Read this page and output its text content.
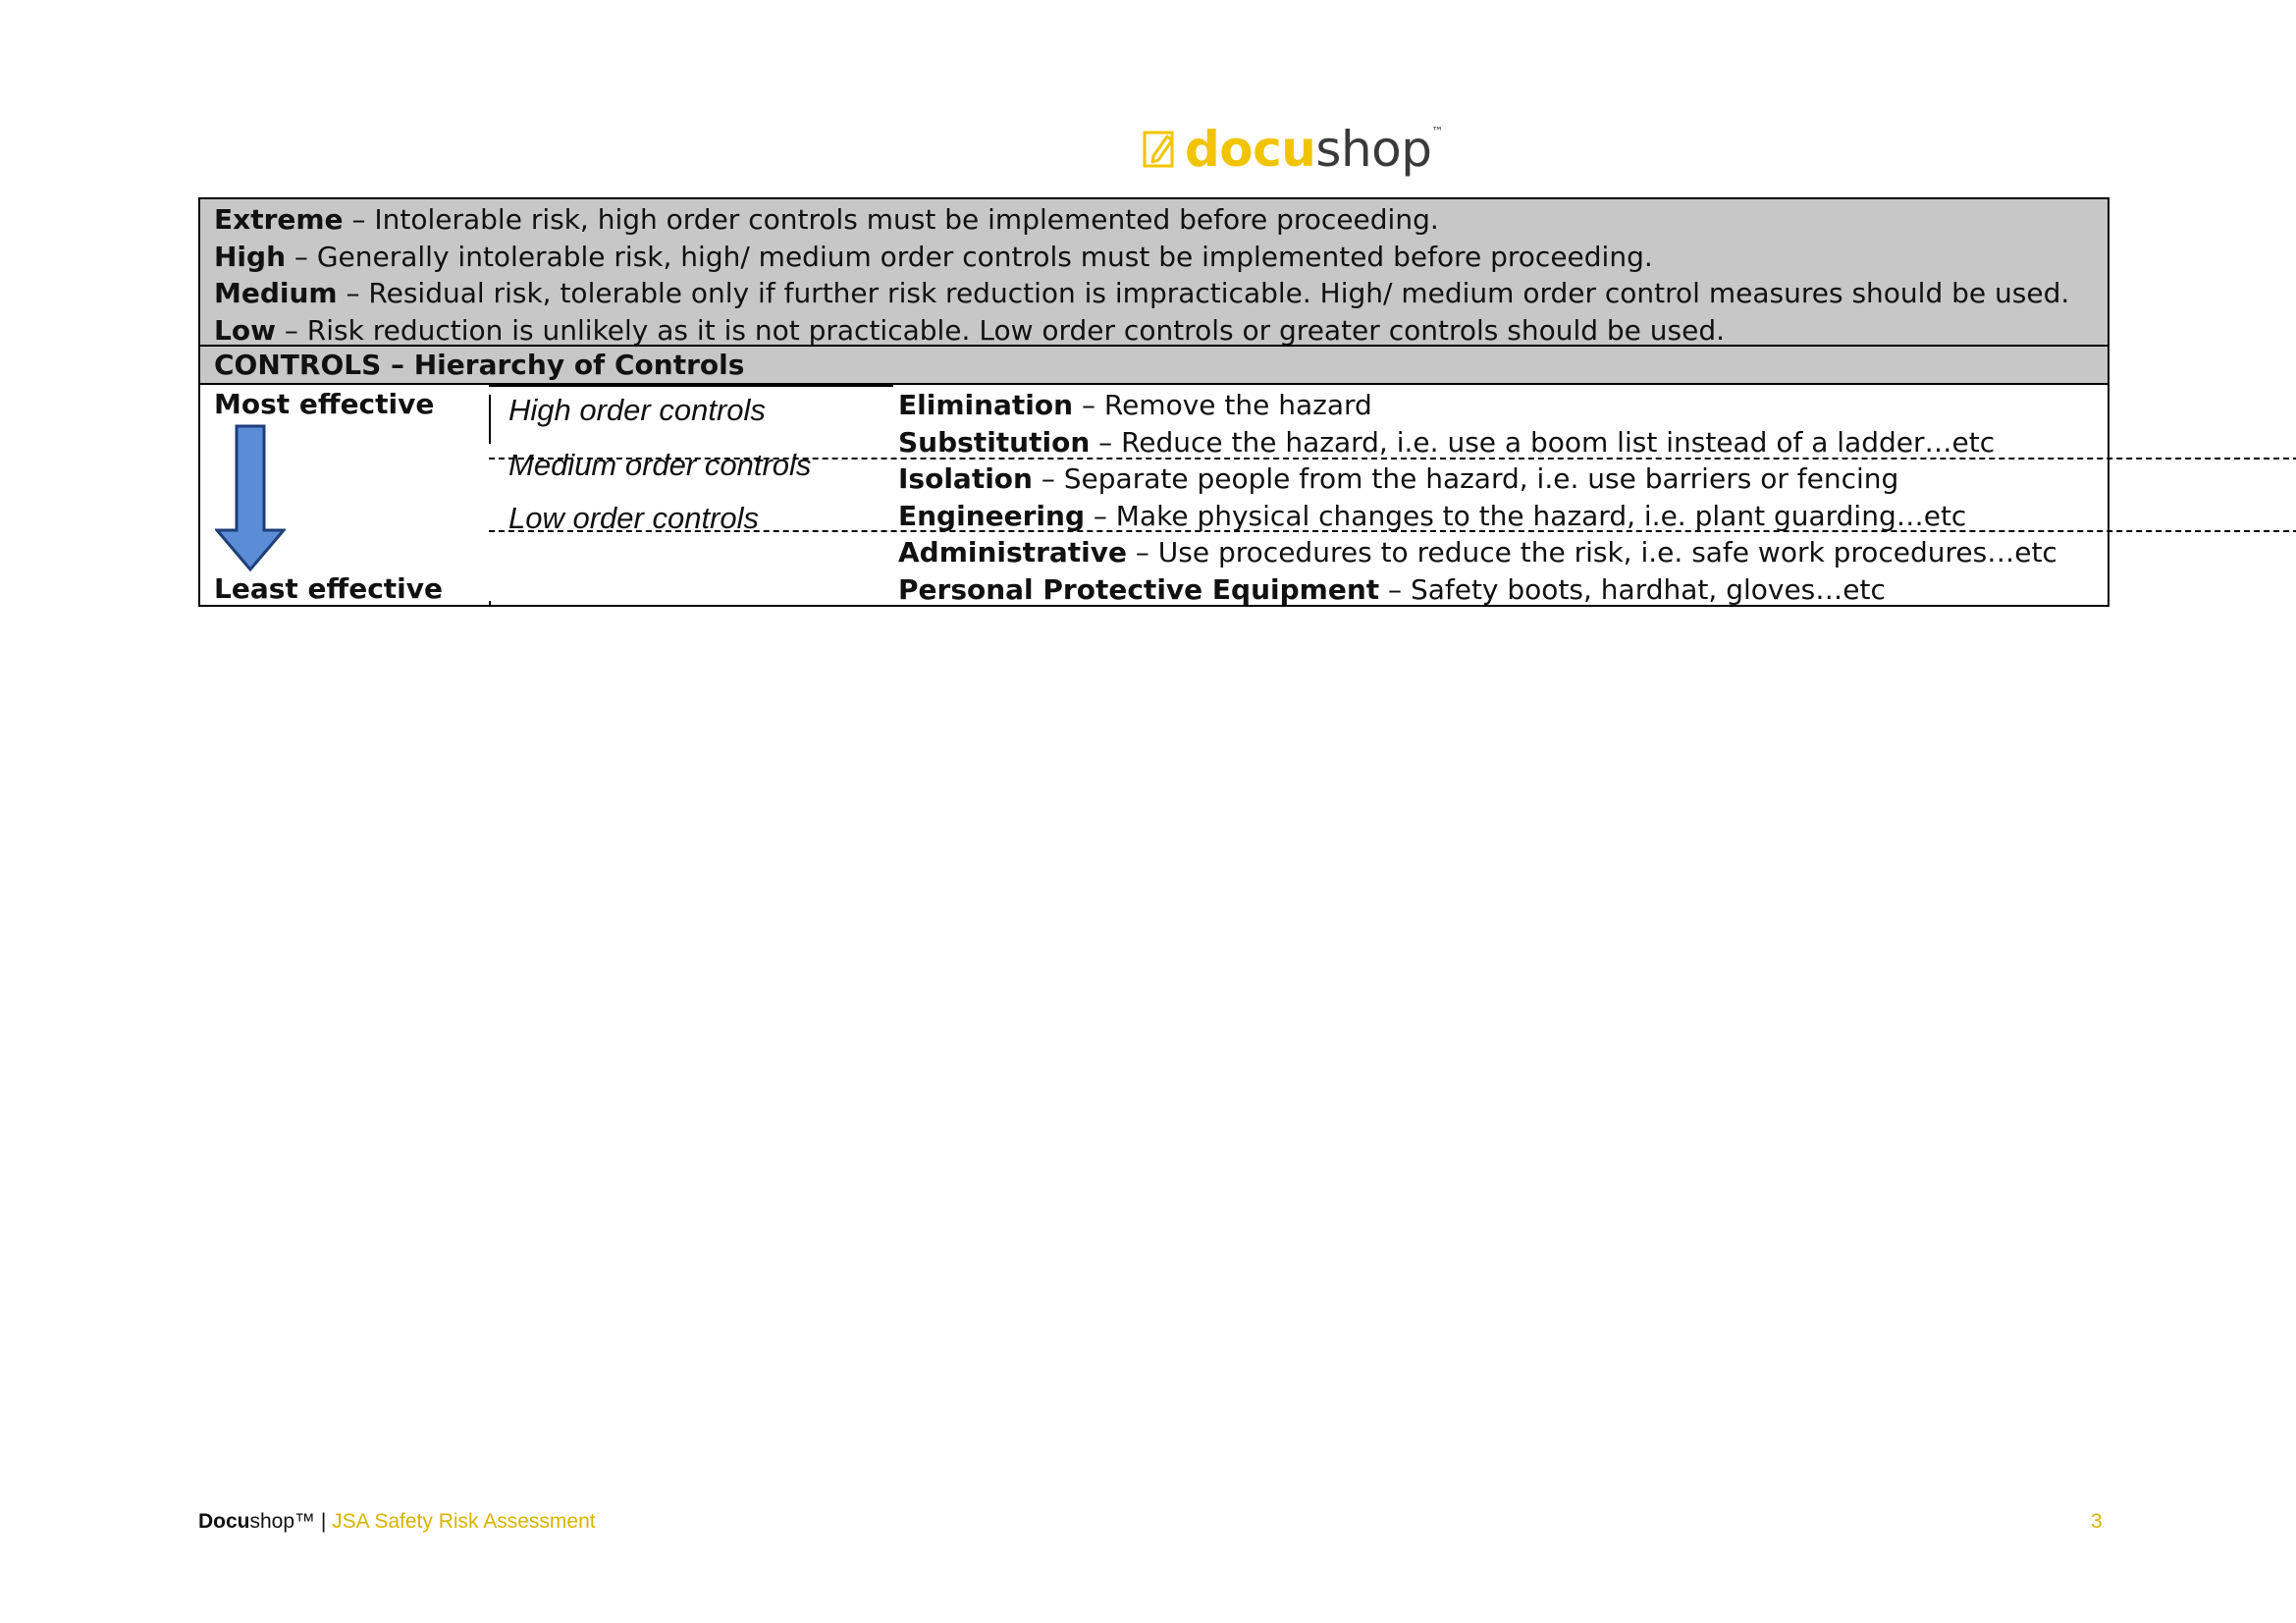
docushop™
Extreme – Intolerable risk, high order controls must be implemented before proceeding.
High – Generally intolerable risk, high/ medium order controls must be implemented before proceeding.
Medium – Residual risk, tolerable only if further risk reduction is impracticable. High/ medium order control measures should be used.
Low – Risk reduction is unlikely as it is not practicable. Low order controls or greater controls should be used.
CONTROLS – Hierarchy of Controls
Most effective
Least effective
High order controls
Medium order controls
Low order controls
Elimination – Remove the hazard
Substitution – Reduce the hazard, i.e. use a boom list instead of a ladder…etc
Isolation – Separate people from the hazard, i.e. use barriers or fencing
Engineering – Make physical changes to the hazard, i.e. plant guarding…etc
Administrative – Use procedures to reduce the risk, i.e. safe work procedures…etc
Personal Protective Equipment – Safety boots, hardhat, gloves…etc
Docushop™ | JSA Safety Risk Assessment	3
